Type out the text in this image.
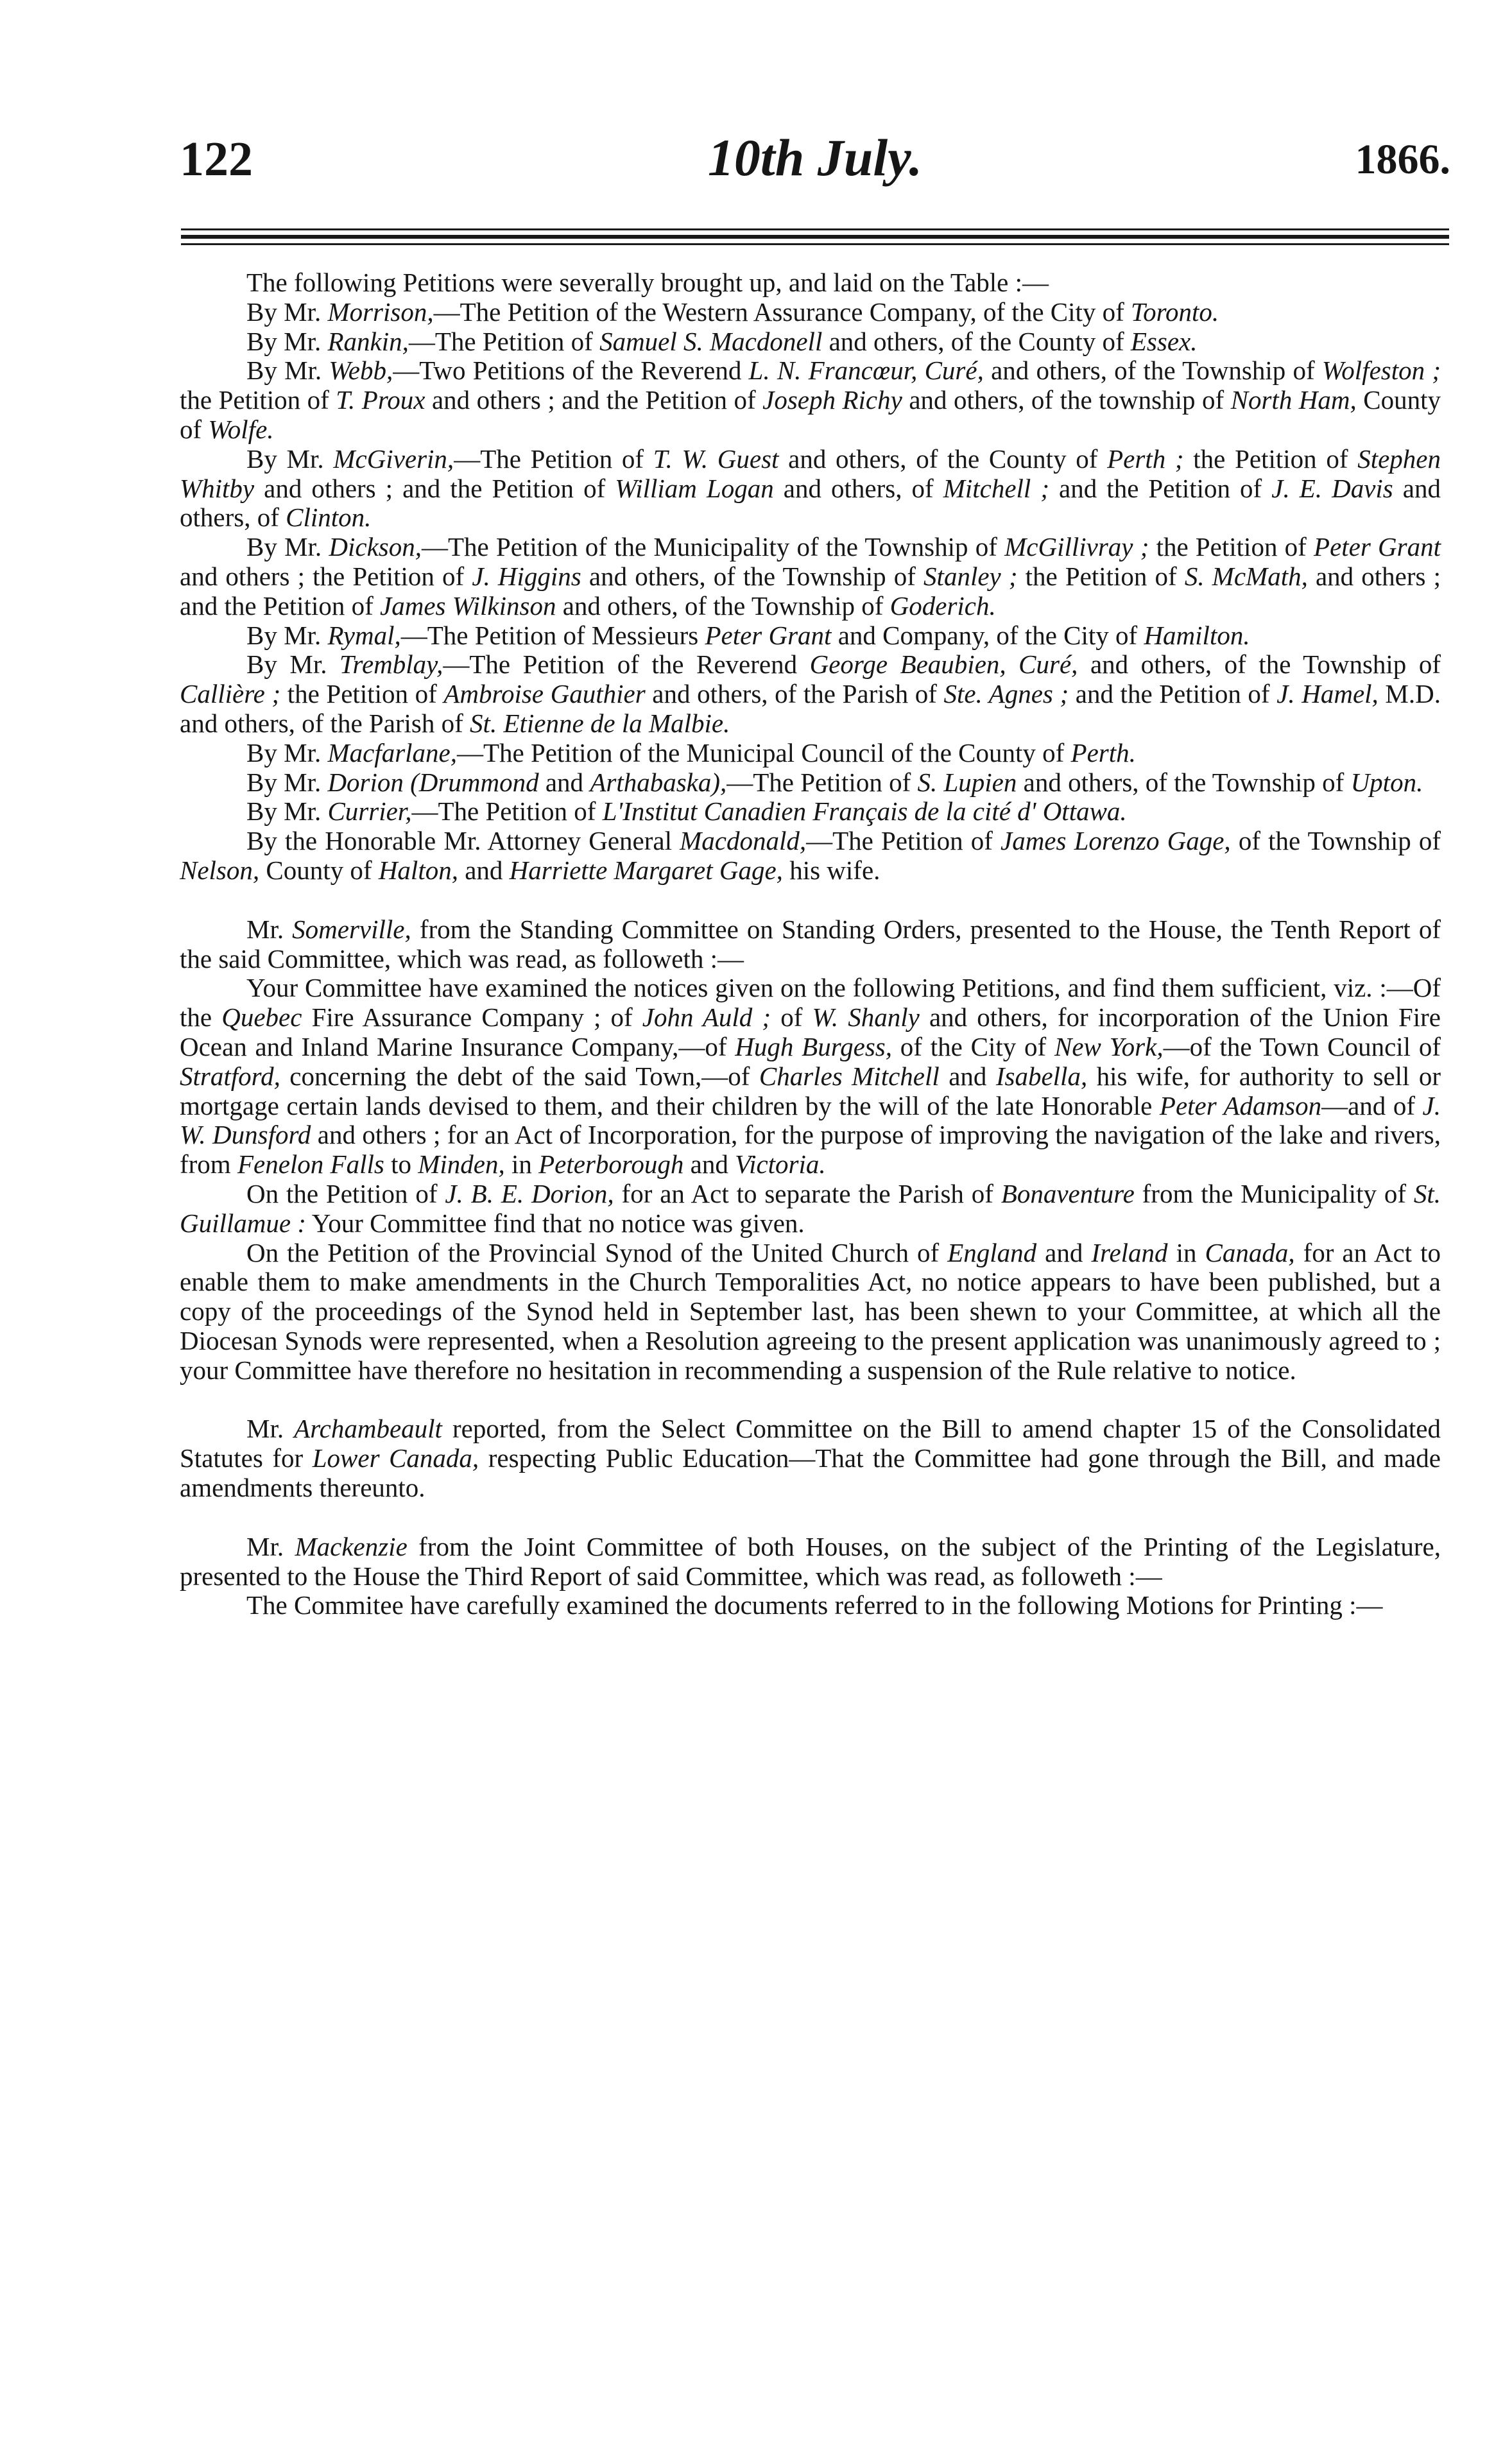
122	10th July.	1866.

The following Petitions were severally brought up, and laid on the Table :—

By Mr. Morrison,—The Petition of the Western Assurance Company, of the City of Toronto.

By Mr. Rankin,—The Petition of Samuel S. Macdonell and others, of the County of Essex.

By Mr. Webb,—Two Petitions of the Reverend L. N. Francœur, Curé, and others, of the Township of Wolfeston ; the Petition of T. Proux and others ; and the Petition of Joseph Richy and others, of the township of North Ham, County of Wolfe.

By Mr. McGiverin,—The Petition of T. W. Guest and others, of the County of Perth ; the Petition of Stephen Whitby and others ; and the Petition of William Logan and others, of Mitchell ; and the Petition of J. E. Davis and others, of Clinton.

By Mr. Dickson,—The Petition of the Municipality of the Township of McGillivray ; the Petition of Peter Grant and others ; the Petition of J. Higgins and others, of the Township of Stanley ; the Petition of S. McMath, and others ; and the Petition of James Wilkinson and others, of the Township of Goderich.

By Mr. Rymal,—The Petition of Messieurs Peter Grant and Company, of the City of Hamilton.

By Mr. Tremblay,—The Petition of the Reverend George Beaubien, Curé, and others, of the Township of Callière ; the Petition of Ambroise Gauthier and others, of the Parish of Ste. Agnes ; and the Petition of J. Hamel, M.D. and others, of the Parish of St. Etienne de la Malbie.

By Mr. Macfarlane,—The Petition of the Municipal Council of the County of Perth.

By Mr. Dorion (Drummond and Arthabaska),—The Petition of S. Lupien and others, of the Township of Upton.

By Mr. Currier,—The Petition of L'Institut Canadien Français de la cité d' Ottawa.

By the Honorable Mr. Attorney General Macdonald,—The Petition of James Lorenzo Gage, of the Township of Nelson, County of Halton, and Harriette Margaret Gage, his wife.

Mr. Somerville, from the Standing Committee on Standing Orders, presented to the House, the Tenth Report of the said Committee, which was read, as followeth :—

Your Committee have examined the notices given on the following Petitions, and find them sufficient, viz. :—Of the Quebec Fire Assurance Company ; of John Auld ; of W. Shanly and others, for incorporation of the Union Fire Ocean and Inland Marine Insurance Company,—of Hugh Burgess, of the City of New York,—of the Town Council of Stratford, concerning the debt of the said Town,—of Charles Mitchell and Isabella, his wife, for authority to sell or mortgage certain lands devised to them, and their children by the will of the late Honorable Peter Adamson—and of J. W. Dunsford and others ; for an Act of Incorporation, for the purpose of improving the navigation of the lake and rivers, from Fenelon Falls to Minden, in Peterborough and Victoria.

On the Petition of J. B. E. Dorion, for an Act to separate the Parish of Bonaventure from the Municipality of St. Guillamue : Your Committee find that no notice was given.

On the Petition of the Provincial Synod of the United Church of England and Ireland in Canada, for an Act to enable them to make amendments in the Church Temporalities Act, no notice appears to have been published, but a copy of the proceedings of the Synod held in September last, has been shewn to your Committee, at which all the Diocesan Synods were represented, when a Resolution agreeing to the present application was unanimously agreed to ; your Committee have therefore no hesitation in recommending a suspension of the Rule relative to notice.

Mr. Archambeault reported, from the Select Committee on the Bill to amend chapter 15 of the Consolidated Statutes for Lower Canada, respecting Public Education—That the Committee had gone through the Bill, and made amendments thereunto.

Mr. Mackenzie from the Joint Committee of both Houses, on the subject of the Printing of the Legislature, presented to the House the Third Report of said Committee, which was read, as followeth :—

The Commitee have carefully examined the documents referred to in the following Motions for Printing :—
